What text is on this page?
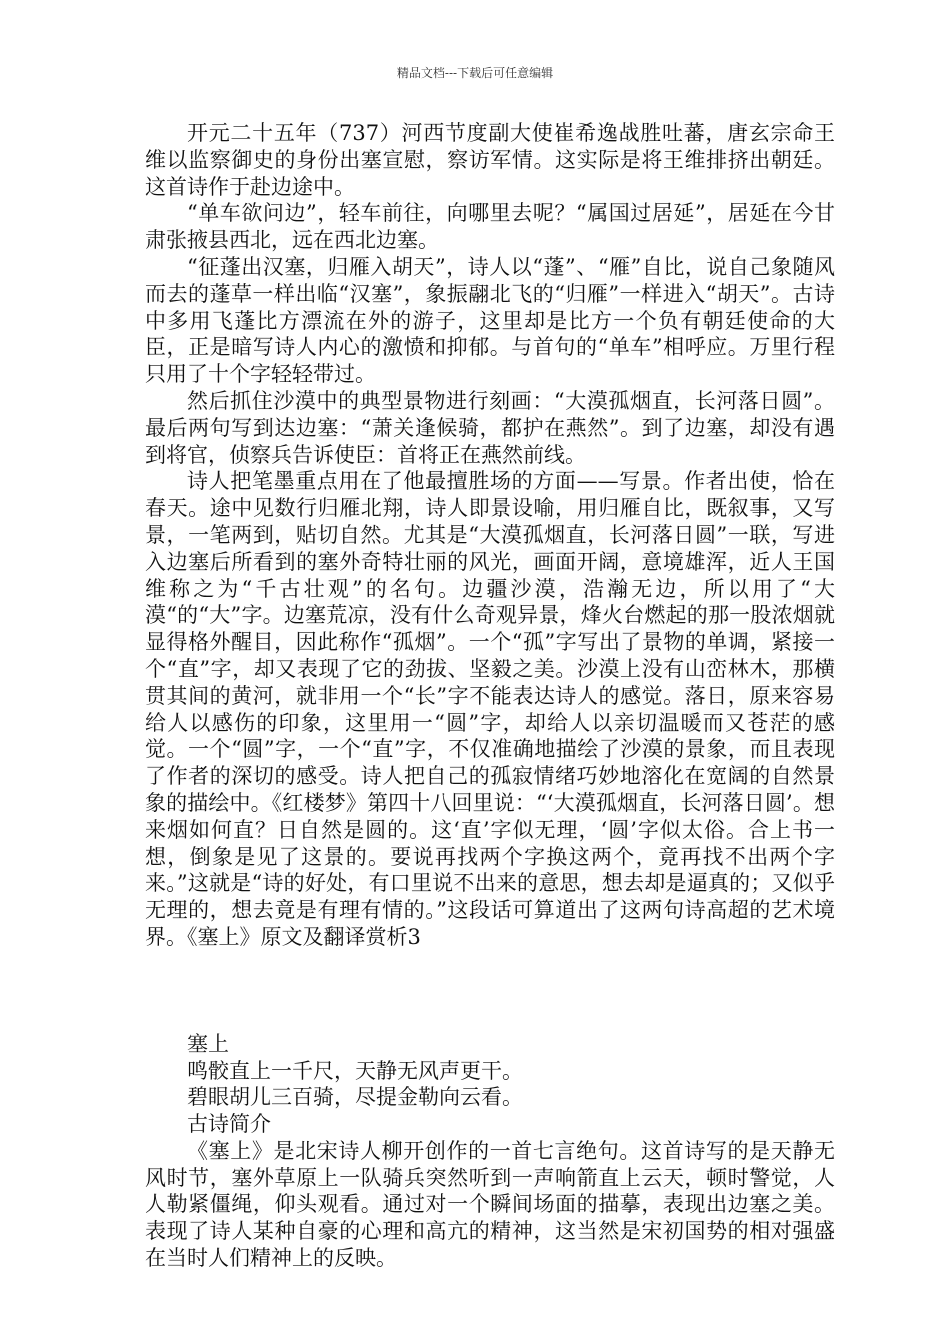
精品文档---下载后可任意编辑

开元二十五年（737）河西节度副大使崔希逸战胜吐蕃，唐玄宗命王维以监察御史的身份出塞宣慰，察访军情。这实际是将王维排挤出朝廷。这首诗作于赴边途中。

“单车欲问边”，轻车前往，向哪里去呢？“属国过居延”，居延在今甘肃张掖县西北，远在西北边塞。

“征蓬出汉塞，归雁入胡天”，诗人以“蓬”、“雁”自比，说自己象随风而去的蓬草一样出临“汉塞”，象振翮北飞的“归雁”一样进入“胡天”。古诗中多用飞蓬比方漂流在外的游子，这里却是比方一个负有朝廷使命的大臣，正是暗写诗人内心的激愤和抑郁。与首句的“单车”相呼应。万里行程只用了十个字轻轻带过。

然后抓住沙漠中的典型景物进行刻画：“大漠孤烟直，长河落日圆”。最后两句写到达边塞：“萧关逢候骑，都护在燕然”。到了边塞，却没有遇到将官，侦察兵告诉使臣：首将正在燕然前线。

诗人把笔墨重点用在了他最擅胜场的方面——写景。作者出使，恰在春天。途中见数行归雁北翔，诗人即景设喻，用归雁自比，既叙事，又写景，一笔两到，贴切自然。尤其是“大漠孤烟直，长河落日圆”一联，写进入边塞后所看到的塞外奇特壮丽的风光，画面开阔，意境雄浑，近人王国维称之为“千古壮观”的名句。边疆沙漠，浩瀚无边，所以用了“大漠“的“大”字。边塞荒凉，没有什么奇观异景，烽火台燃起的那一股浓烟就显得格外醒目，因此称作“孤烟”。一个“孤”字写出了景物的单调，紧接一个“直”字，却又表现了它的劲拔、坚毅之美。沙漠上没有山峦林木，那横贯其间的黄河，就非用一个“长”字不能表达诗人的感觉。落日，原来容易给人以感伤的印象，这里用一“圆”字，却给人以亲切温暖而又苍茫的感觉。一个“圆”字，一个“直”字，不仅准确地描绘了沙漠的景象，而且表现了作者的深切的感受。诗人把自己的孤寂情绪巧妙地溶化在宽阔的自然景象的描绘中。《红楼梦》第四十八回里说：“‘大漠孤烟直，长河落日圆’。想来烟如何直？日自然是圆的。这‘直’字似无理，‘圆’字似太俗。合上书一想，倒象是见了这景的。要说再找两个字换这两个，竟再找不出两个字来。”这就是“诗的好处，有口里说不出来的意思，想去却是逼真的；又似乎无理的，想去竟是有理有情的。”这段话可算道出了这两句诗高超的艺术境界。《塞上》原文及翻译赏析3

塞上

鸣骹直上一千尺，天静无风声更干。

碧眼胡儿三百骑，尽提金勒向云看。

古诗简介

《塞上》是北宋诗人柳开创作的一首七言绝句。这首诗写的是天静无风时节，塞外草原上一队骑兵突然听到一声响箭直上云天，顿时警觉，人人勒紧僵绳，仰头观看。通过对一个瞬间场面的描摹，表现出边塞之美。表现了诗人某种自豪的心理和高亢的精神，这当然是宋初国势的相对强盛在当时人们精神上的反映。
